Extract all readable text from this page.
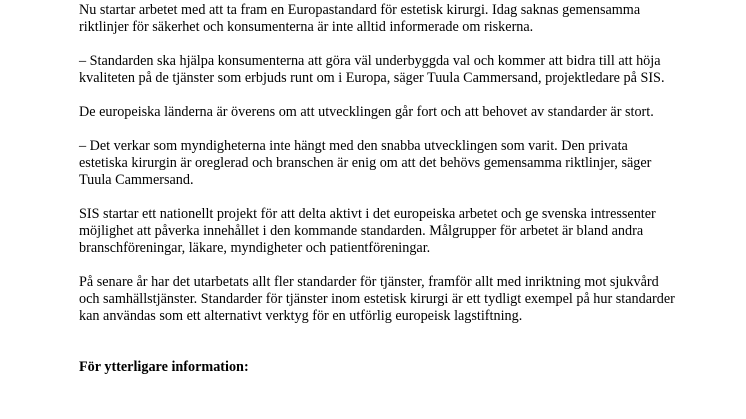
Nu startar arbetet med att ta fram en Europastandard för estetisk kirurgi. Idag saknas gemensamma riktlinjer för säkerhet och konsumenterna är inte alltid informerade om riskerna.

– Standarden ska hjälpa konsumenterna att göra väl underbyggda val och kommer att bidra till att höja kvaliteten på de tjänster som erbjuds runt om i Europa, säger Tuula Cammersand, projektledare på SIS.

De europeiska länderna är överens om att utvecklingen går fort och att behovet av standarder är stort.

– Det verkar som myndigheterna inte hängt med den snabba utvecklingen som varit. Den privata estetiska kirurgin är oreglerad och branschen är enig om att det behövs gemensamma riktlinjer, säger Tuula Cammersand.

SIS startar ett nationellt projekt för att delta aktivt i det europeiska arbetet och ge svenska intressenter möjlighet att påverka innehållet i den kommande standarden. Målgrupper för arbetet är bland andra branschföreningar, läkare, myndigheter och patientföreningar.

På senare år har det utarbetats allt fler standarder för tjänster, framför allt med inriktning mot sjukvård och samhällstjänster. Standarder för tjänster inom estetisk kirurgi är ett tydligt exempel på hur standarder kan användas som ett alternativt verktyg för en utförlig europeisk lagstiftning.

För ytterligare information:
